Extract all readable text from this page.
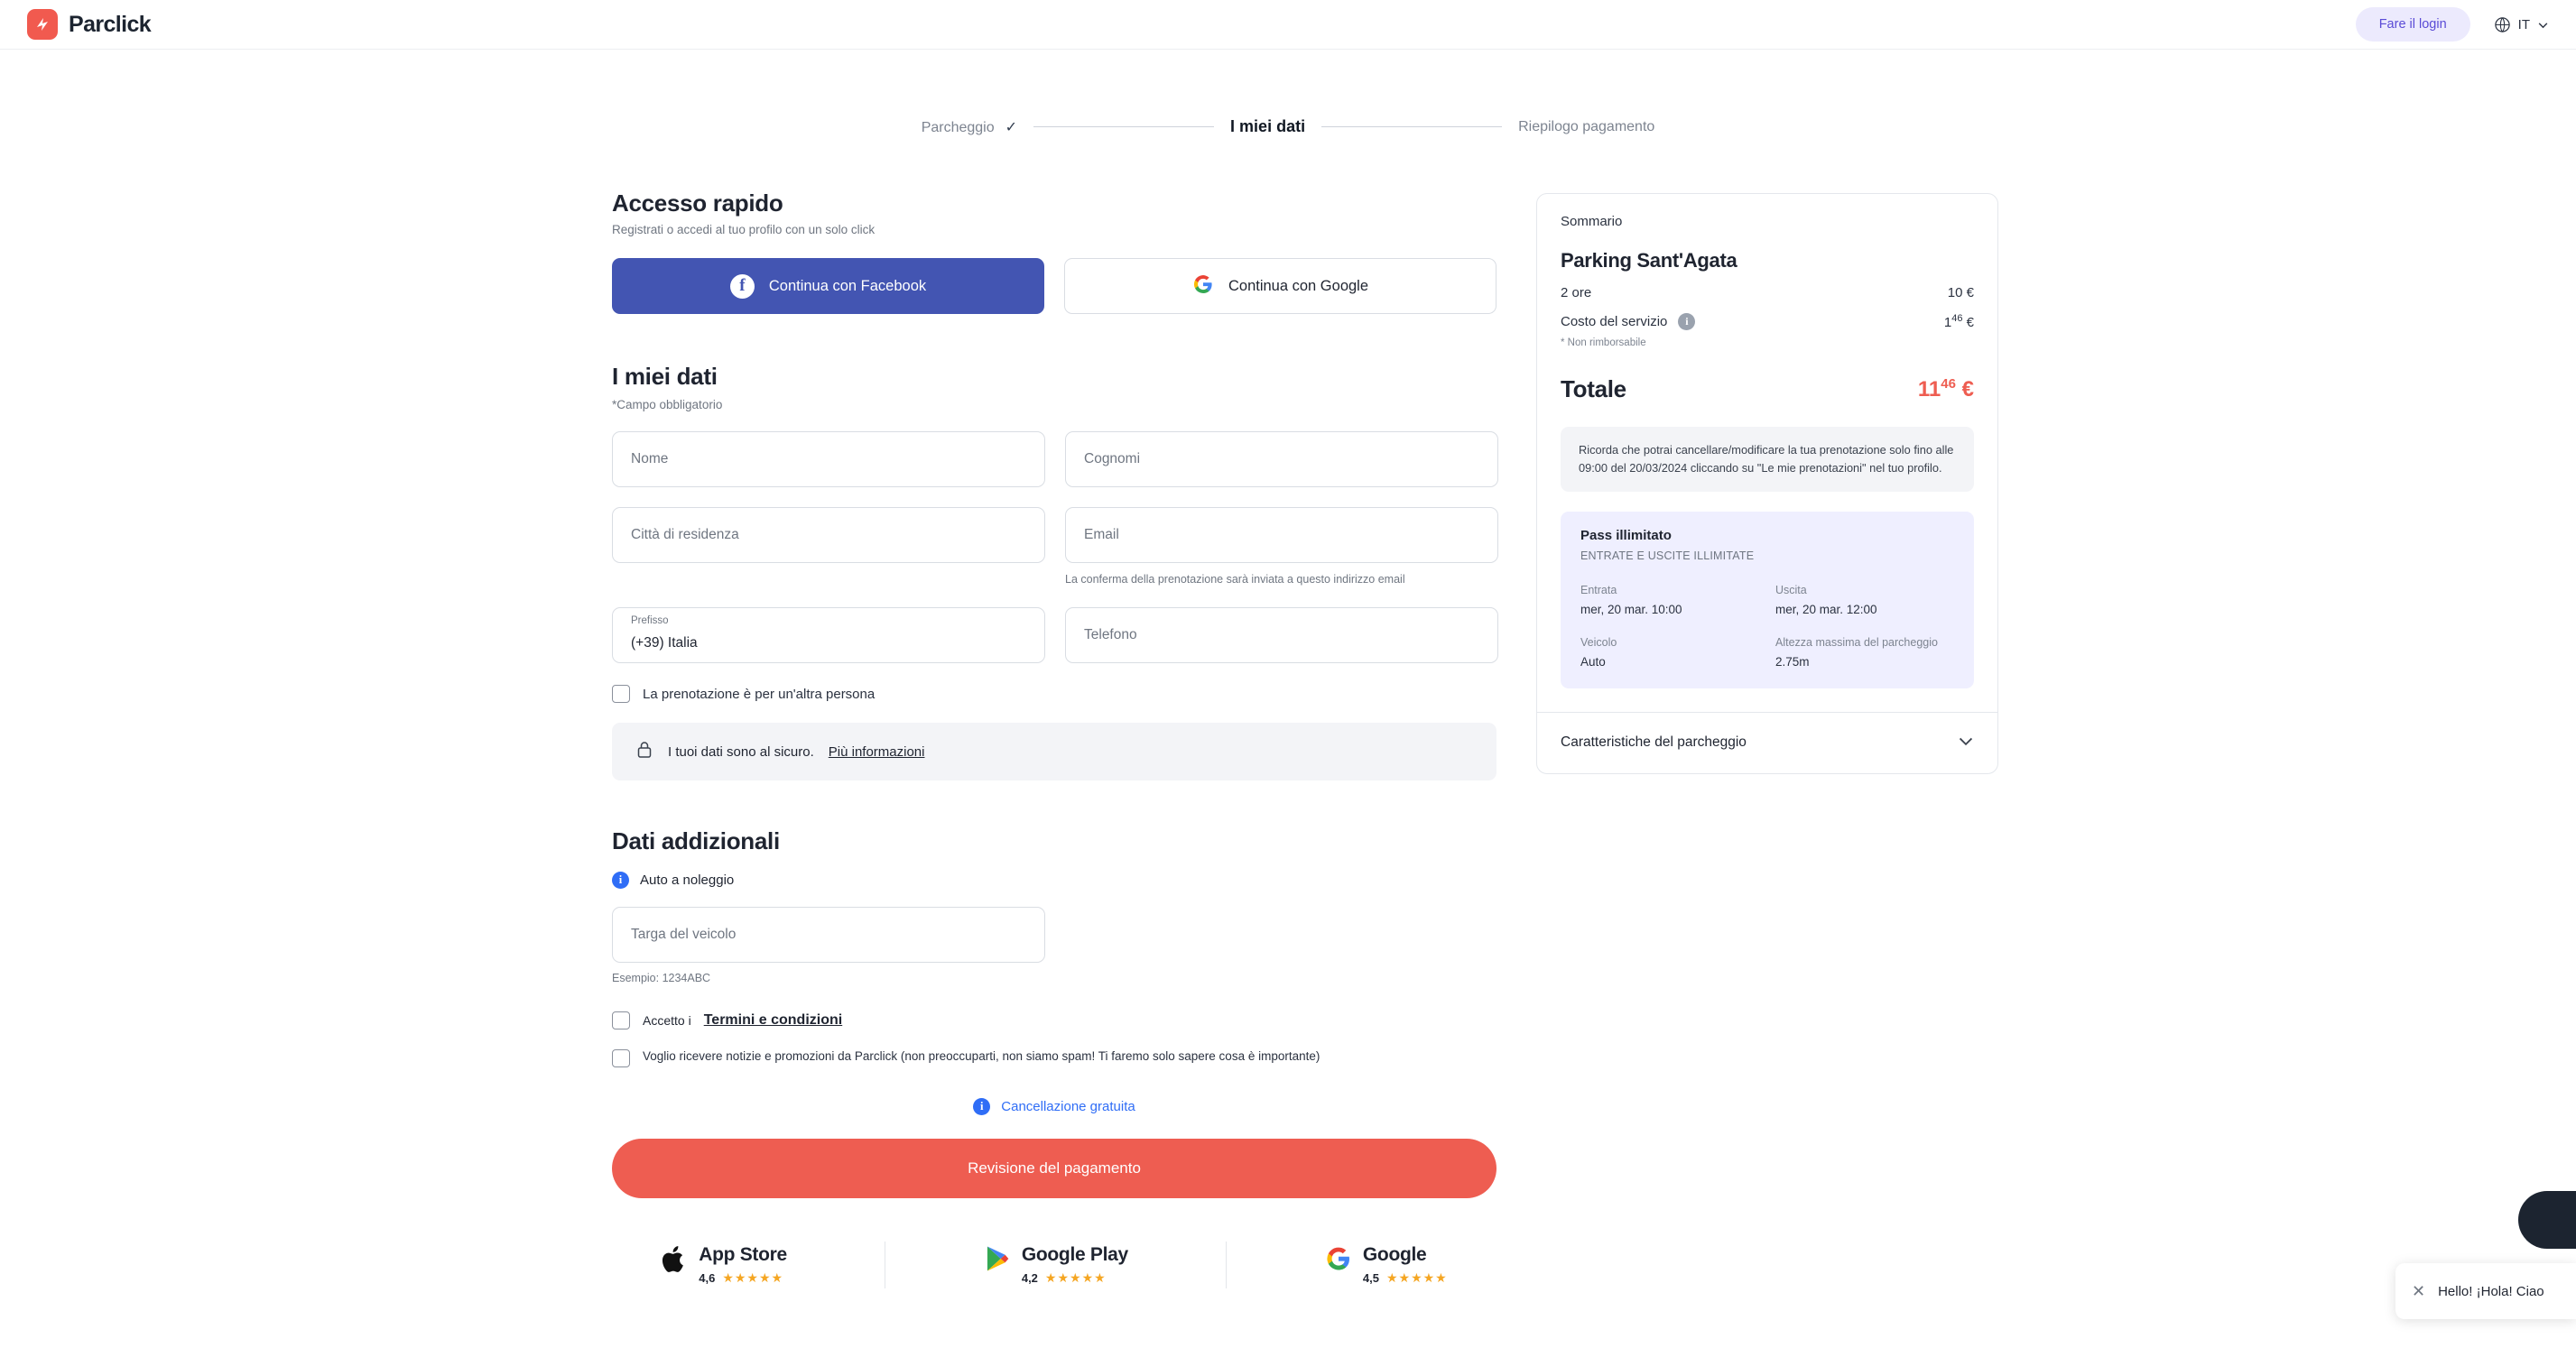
Parclick	Fare il login	IT
Parcheggio ✓	I miei dati	Riepilogo pagamento
Accesso rapido
Registrati o accedi al tuo profilo con un solo click
f	Continua con Facebook	Continua con Google
I miei dati
*Campo obbligatorio
Nome
Cognomi
Città di residenza
Email
La conferma della prenotazione sarà inviata a questo indirizzo email
Prefisso
(+39) Italia
Telefono
La prenotazione è per un'altra persona
I tuoi dati sono al sicuro. Più informazioni
Dati addizionali
i	Auto a noleggio
Targa del veicolo
Esempio: 1234ABC
Accetto i Termini e condizioni
Voglio ricevere notizie e promozioni da Parclick (non preoccuparti, non siamo spam! Ti faremo solo sapere cosa è importante)
i	Cancellazione gratuita
Revisione del pagamento
App Store
4,6 ★★★★★
Google Play
4,2 ★★★★★
Google
4,5 ★★★★★
Sommario
Parking Sant'Agata
2 ore	10 €
Costo del servizio	i	$1^{46}$ €
* Non rimborsabile
Totale	$11^{46}$ €
Ricorda che potrai cancellare/modificare la tua prenotazione solo fino alle 09:00 del 20/03/2024 cliccando su "Le mie prenotazioni" nel tuo profilo.
Pass illimitato
ENTRATE E USCITE ILLIMITATE
Entrata
mer, 20 mar. 10:00
Uscita
mer, 20 mar. 12:00
Veicolo
Auto
Altezza massima del parcheggio
2.75m
Caratteristiche del parcheggio
✕ Hello! ¡Hola! Ciao
